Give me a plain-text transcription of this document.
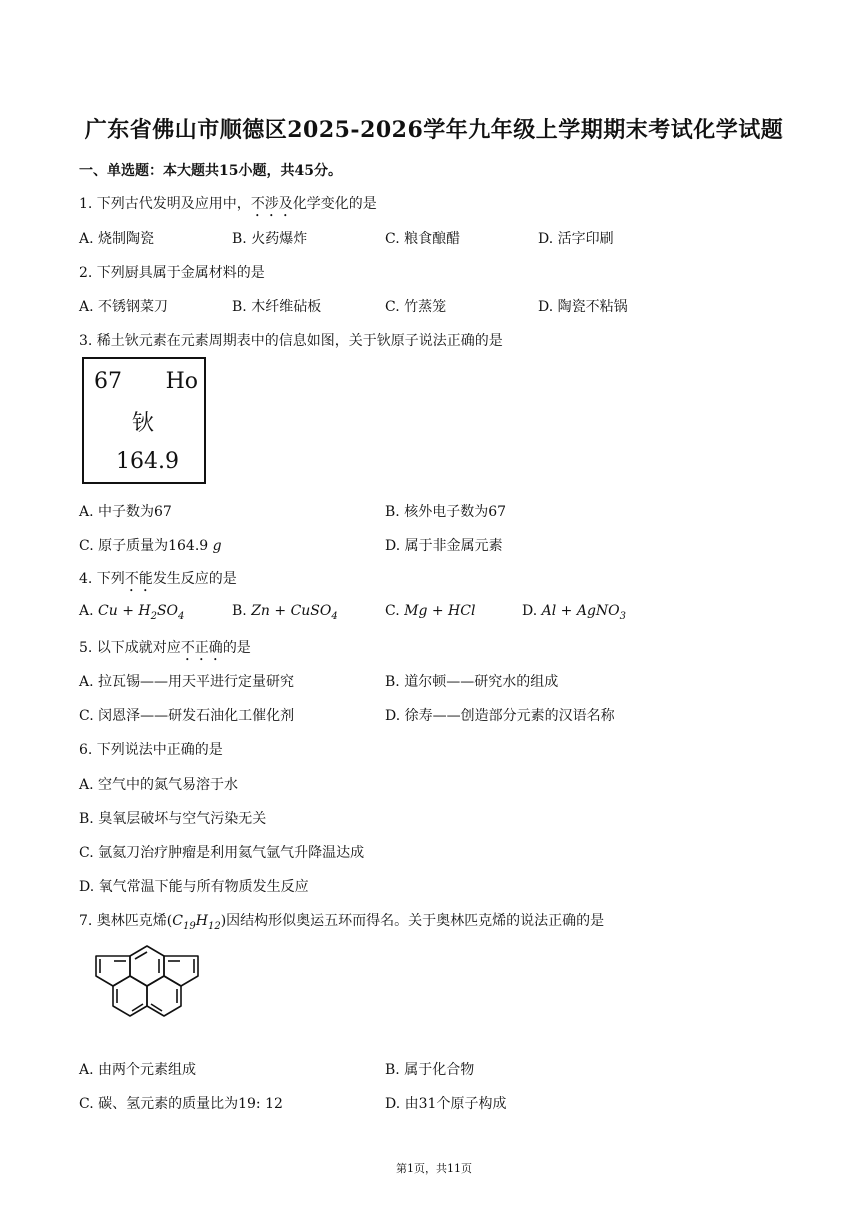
广东省佛山市顺德区2025-2026学年九年级上学期期末考试化学试题
一、单选题：本大题共15小题，共45分。
1. 下列古代发明及应用中，不涉及化学变化的是
A. 烧制陶瓷	B. 火药爆炸	C. 粮食酿醋	D. 活字印刷
2. 下列厨具属于金属材料的是
A. 不锈钢菜刀	B. 木纤维砧板	C. 竹蒸笼	D. 陶瓷不粘锅
3. 稀土钬元素在元素周期表中的信息如图，关于钬原子说法正确的是
67 Ho
钬
164.9
A. 中子数为67	B. 核外电子数为67
C. 原子质量为164.9 g	D. 属于非金属元素
4. 下列不能发生反应的是
A. $Cu + H_2SO_4$	B. Zn + CuSO$_4$	C. Mg + HCl	D. Al + AgNO$_3$
5. 以下成就对应不正确的是
A. 拉瓦锡——用天平进行定量研究	B. 道尔顿——研究水的组成
C. 闵恩泽——研发石油化工催化剂	D. 徐寿——创造部分元素的汉语名称
6. 下列说法中正确的是
A. 空气中的氮气易溶于水
B. 臭氧层破坏与空气污染无关
C. 氩氦刀治疗肿瘤是利用氦气氩气升降温达成
D. 氧气常温下能与所有物质发生反应
7. 奥林匹克烯$(C_{19}H_{12})$因结构形似奥运五环而得名。关于奥林匹克烯的说法正确的是
A. 由两个元素组成	B. 属于化合物
C. 碳、氢元素的质量比为19: 12	D. 由31个原子构成
第1页，共11页
